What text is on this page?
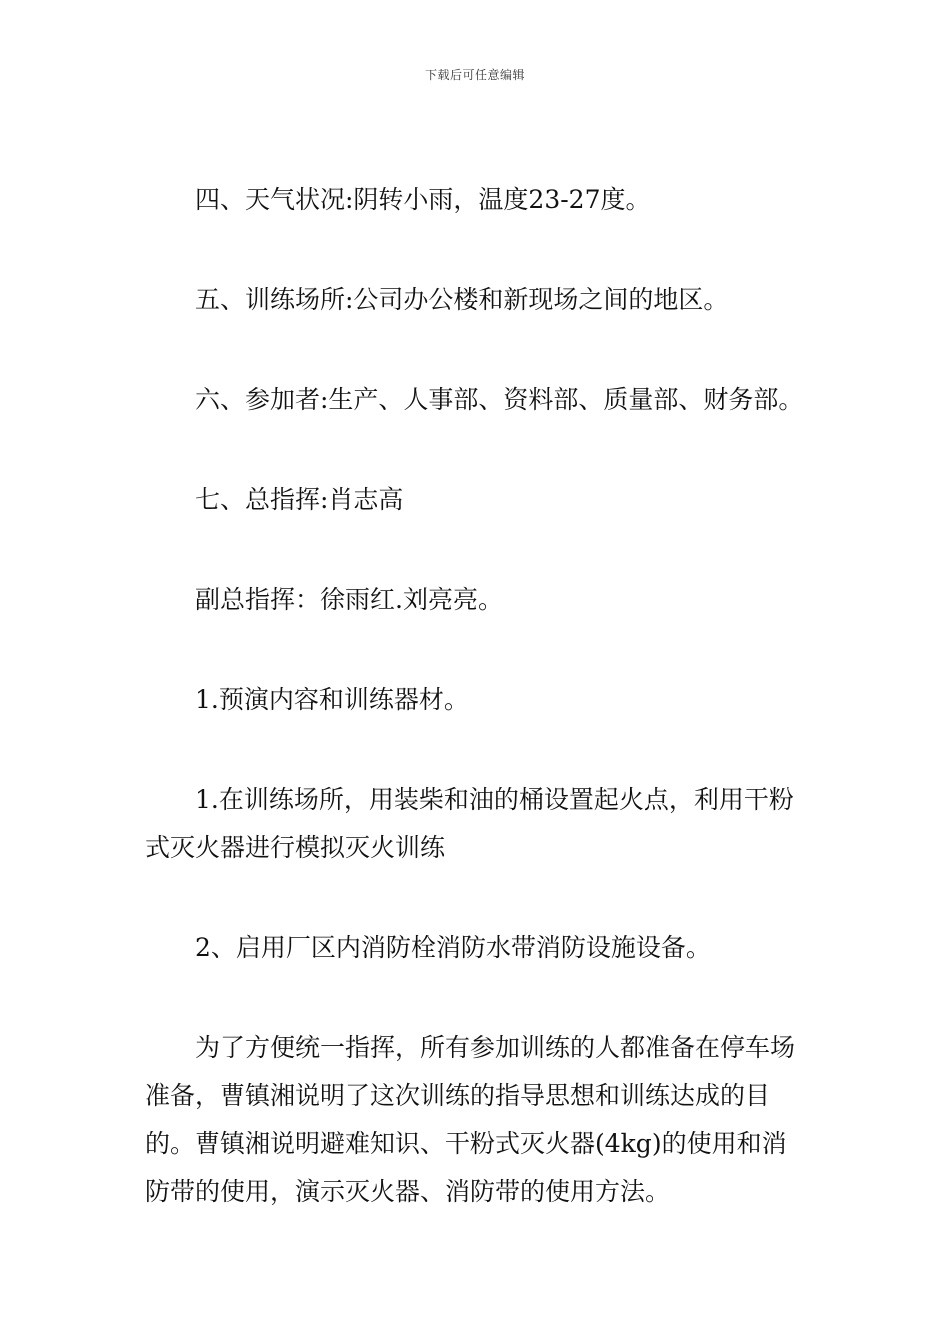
下载后可任意编辑

四、天气状况:阴转小雨，温度23-27度。

五、训练场所:公司办公楼和新现场之间的地区。

六、参加者:生产、人事部、资料部、质量部、财务部。

七、总指挥:肖志高

副总指挥：徐雨红.刘亮亮。

1.预演内容和训练器材。

1.在训练场所，用装柴和油的桶设置起火点，利用干粉式灭火器进行模拟灭火训练

2、启用厂区内消防栓消防水带消防设施设备。

为了方便统一指挥，所有参加训练的人都准备在停车场准备，曹镇湘说明了这次训练的指导思想和训练达成的目的。曹镇湘说明避难知识、干粉式灭火器(4kg)的使用和消防带的使用，演示灭火器、消防带的使用方法。
